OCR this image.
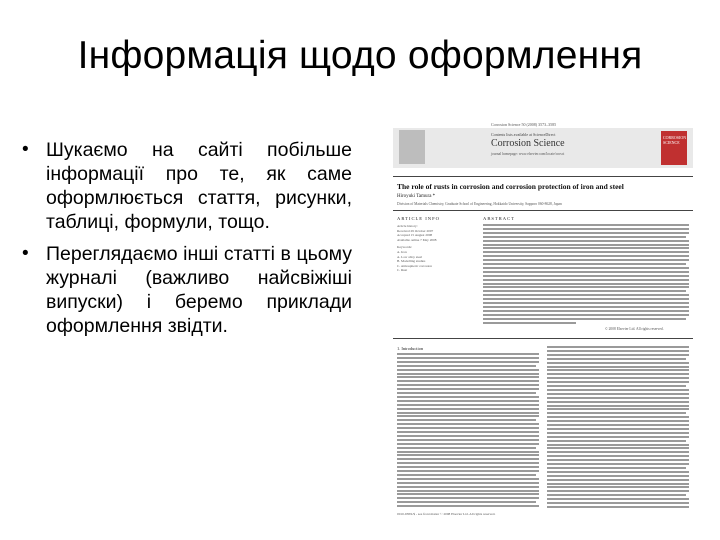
Інформація щодо оформлення
• Шукаємо на сайті побільше інформації про те, як саме оформлюється стаття, рисунки, таблиці, формули, тощо.
• Переглядаємо інші статті в цьому журналі (важливо найсвіжіші випуски) і беремо приклади оформлення звідти.
Corrosion Science 50 (2008) 3573–3585
CORROSION SCIENCE
Contents lists available at ScienceDirect
Corrosion Science
journal homepage: www.elsevier.com/locate/corsci
The role of rusts in corrosion and corrosion protection of iron and steel
Hiroyuki Tamura *
Division of Materials Chemistry, Graduate School of Engineering, Hokkaido University, Sapporo 060-8628, Japan
ARTICLE INFO	ABSTRACT
Article history:
Received 29 October 2007
Accepted 15 August 2008
Available online 7 May 2008
Keywords:
A. Iron
A. Low alloy steel
B. Modelling studies
C. Atmospheric corrosion
C. Rust
© 2008 Elsevier Ltd. All rights reserved.
1. Introduction
0010-938X/$ - see front matter © 2008 Elsevier Ltd. All rights reserved.
